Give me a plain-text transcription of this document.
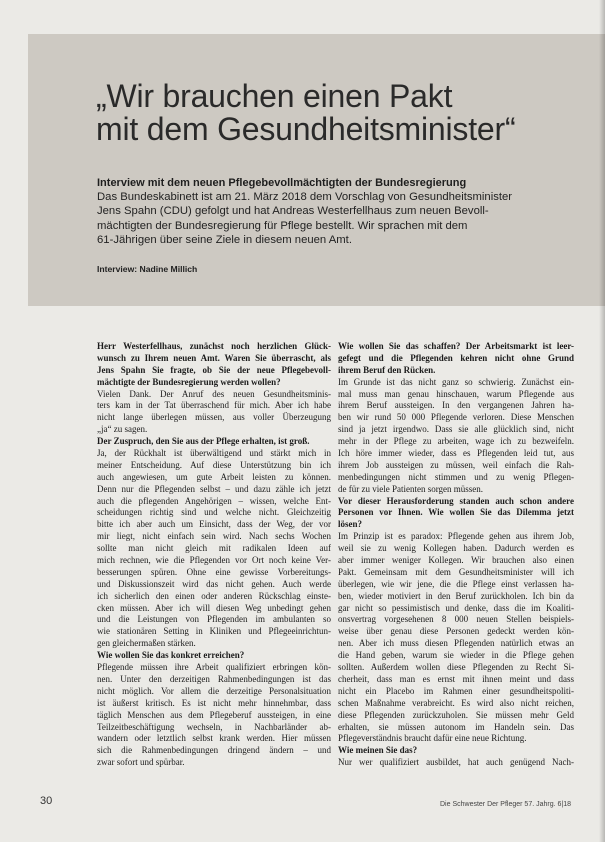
„Wir brauchen einen Pakt
mit dem Gesundheitsminister“
Interview mit dem neuen Pflegebevollmächtigten der Bundesregierung
Das Bundeskabinett ist am 21. März 2018 dem Vorschlag von Gesundheitsminister
Jens Spahn (CDU) gefolgt und hat Andreas Westerfellhaus zum neuen Bevoll-
mächtigten der Bundesregierung für Pflege bestellt. Wir sprachen mit dem
61-Jährigen über seine Ziele in diesem neuen Amt.
Interview: Nadine Millich
Herr Westerfellhaus, zunächst noch herzlichen Glück-
wunsch zu Ihrem neuen Amt. Waren Sie überrascht, als
Jens Spahn Sie fragte, ob Sie der neue Pflegebevoll-
mächtigte der Bundesregierung werden wollen?
Vielen Dank. Der Anruf des neuen Gesundheitsminis-
ters kam in der Tat überraschend für mich. Aber ich habe
nicht lange überlegen müssen, aus voller Überzeugung
„ja“ zu sagen.
Der Zuspruch, den Sie aus der Pflege erhalten, ist groß.
Ja, der Rückhalt ist überwältigend und stärkt mich in
meiner Entscheidung. Auf diese Unterstützung bin ich
auch angewiesen, um gute Arbeit leisten zu können.
Denn nur die Pflegenden selbst – und dazu zähle ich jetzt
auch die pflegenden Angehörigen – wissen, welche Ent-
scheidungen richtig sind und welche nicht. Gleichzeitig
bitte ich aber auch um Einsicht, dass der Weg, der vor
mir liegt, nicht einfach sein wird. Nach sechs Wochen
sollte man nicht gleich mit radikalen Ideen auf
mich rechnen, wie die Pflegenden vor Ort noch keine Ver-
besserungen spüren. Ohne eine gewisse Vorbereitungs-
und Diskussionszeit wird das nicht gehen. Auch werde
ich sicherlich den einen oder anderen Rückschlag einste-
cken müssen. Aber ich will diesen Weg unbedingt gehen
und die Leistungen von Pflegenden im ambulanten so
wie stationären Setting in Kliniken und Pflegeeinrichtun-
gen gleichermaßen stärken.
Wie wollen Sie das konkret erreichen?
Pflegende müssen ihre Arbeit qualifiziert erbringen kön-
nen. Unter den derzeitigen Rahmenbedingungen ist das
nicht möglich. Vor allem die derzeitige Personalsituation
ist äußerst kritisch. Es ist nicht mehr hinnehmbar, dass
täglich Menschen aus dem Pflegeberuf aussteigen, in eine
Teilzeitbeschäftigung wechseln, in Nachbarländer ab-
wandern oder letztlich selbst krank werden. Hier müssen
sich die Rahmenbedingungen dringend ändern – und
zwar sofort und spürbar.
Wie wollen Sie das schaffen? Der Arbeitsmarkt ist leer-
gefegt und die Pflegenden kehren nicht ohne Grund
ihrem Beruf den Rücken.
Im Grunde ist das nicht ganz so schwierig. Zunächst ein-
mal muss man genau hinschauen, warum Pflegende aus
ihrem Beruf aussteigen. In den vergangenen Jahren ha-
ben wir rund 50 000 Pflegende verloren. Diese Menschen
sind ja jetzt irgendwo. Dass sie alle glücklich sind, nicht
mehr in der Pflege zu arbeiten, wage ich zu bezweifeln.
Ich höre immer wieder, dass es Pflegenden leid tut, aus
ihrem Job aussteigen zu müssen, weil einfach die Rah-
menbedingungen nicht stimmen und zu wenig Pflegen-
de für zu viele Patienten sorgen müssen.
Vor dieser Herausforderung standen auch schon andere
Personen vor Ihnen. Wie wollen Sie das Dilemma jetzt
lösen?
Im Prinzip ist es paradox: Pflegende gehen aus ihrem Job,
weil sie zu wenig Kollegen haben. Dadurch werden es
aber immer weniger Kollegen. Wir brauchen also einen
Pakt. Gemeinsam mit dem Gesundheitsminister will ich
überlegen, wie wir jene, die die Pflege einst verlassen ha-
ben, wieder motiviert in den Beruf zurückholen. Ich bin da
gar nicht so pessimistisch und denke, dass die im Koaliti-
onsvertrag vorgesehenen 8 000 neuen Stellen beispiels-
weise über genau diese Personen gedeckt werden kön-
nen. Aber ich muss diesen Pflegenden natürlich etwas an
die Hand geben, warum sie wieder in die Pflege gehen
sollten. Außerdem wollen diese Pflegenden zu Recht Si-
cherheit, dass man es ernst mit ihnen meint und dass
nicht ein Placebo im Rahmen einer gesundheitspoliti-
schen Maßnahme verabreicht. Es wird also nicht reichen,
diese Pflegenden zurückzuholen. Sie müssen mehr Geld
erhalten, sie müssen autonom im Handeln sein. Das
Pflegeverständnis braucht dafür eine neue Richtung.
Wie meinen Sie das?
Nur wer qualifiziert ausbildet, hat auch genügend Nach-
30	Die Schwester Der Pfleger 57. Jahrg. 6|18
